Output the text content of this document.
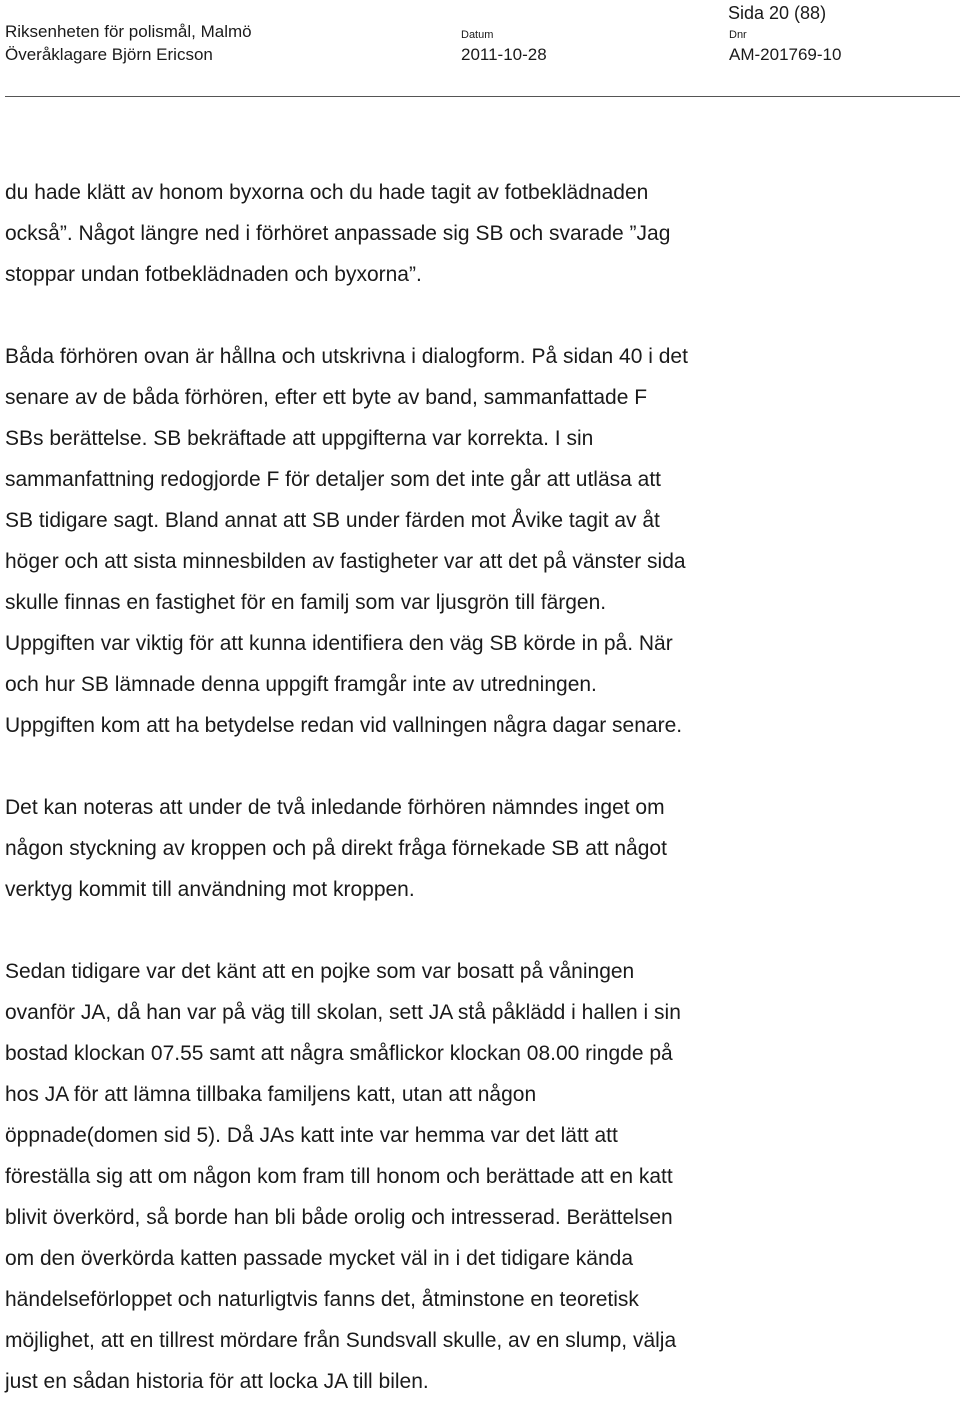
Sida 20 (88)
Riksenheten för polismål, Malmö
Överåklagare Björn Ericson
Datum
2011-10-28
Dnr
AM-201769-10

du hade klätt av honom byxorna och du hade tagit av fotbeklädnaden
också”. Något längre ned i förhöret anpassade sig SB och svarade ”Jag
stoppar undan fotbeklädnaden och byxorna”.

Båda förhören ovan är hållna och utskrivna i dialogform. På sidan 40 i det
senare av de båda förhören, efter ett byte av band, sammanfattade F
SBs berättelse. SB bekräftade att uppgifterna var korrekta. I sin
sammanfattning redogjorde F för detaljer som det inte går att utläsa att
SB tidigare sagt. Bland annat att SB under färden mot Åvike tagit av åt
höger och att sista minnesbilden av fastigheter var att det på vänster sida
skulle finnas en fastighet för en familj som var ljusgrön till färgen.
Uppgiften var viktig för att kunna identifiera den väg SB körde in på. När
och hur SB lämnade denna uppgift framgår inte av utredningen.
Uppgiften kom att ha betydelse redan vid vallningen några dagar senare.

Det kan noteras att under de två inledande förhören nämndes inget om
någon styckning av kroppen och på direkt fråga förnekade SB att något
verktyg kommit till användning mot kroppen.

Sedan tidigare var det känt att en pojke som var bosatt på våningen
ovanför JA, då han var på väg till skolan, sett JA stå påklädd i hallen i sin
bostad klockan 07.55 samt att några småflickor klockan 08.00 ringde på
hos JA för att lämna tillbaka familjens katt, utan att någon
öppnade(domen sid 5). Då JAs katt inte var hemma var det lätt att
föreställa sig att om någon kom fram till honom och berättade att en katt
blivit överkörd, så borde han bli både orolig och intresserad. Berättelsen
om den överkörda katten passade mycket väl in i det tidigare kända
händelseförloppet och naturligtvis fanns det, åtminstone en teoretisk
möjlighet, att en tillrest mördare från Sundsvall skulle, av en slump, välja
just en sådan historia för att locka JA till bilen.
